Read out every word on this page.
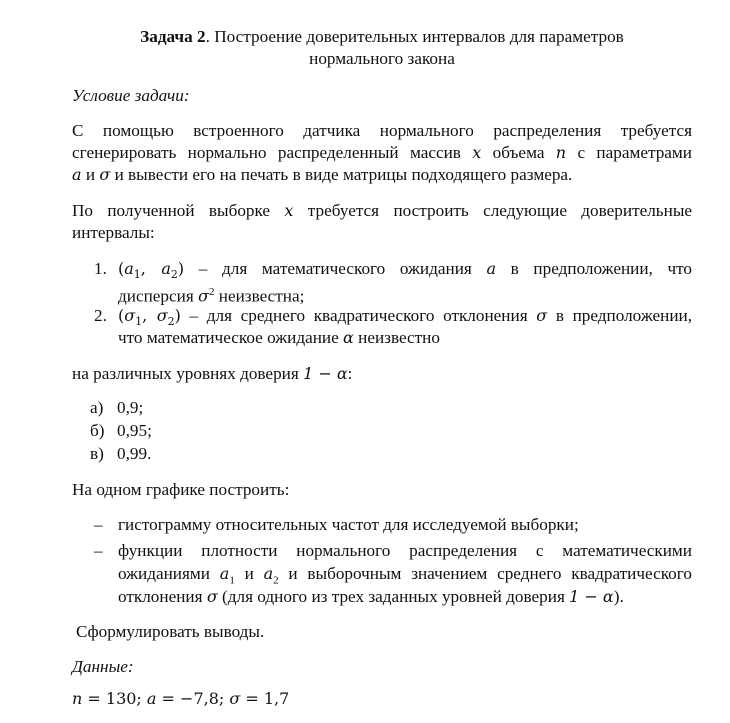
Задача 2. Построение доверительных интервалов для параметров
нормального закона
Условие задачи:
С помощью встроенного датчика нормального распределения требуется
сгенерировать нормально распределенный массив x объема n с параметрами
a и σ и вывести его на печать в виде матрицы подходящего размера.
По полученной выборке x требуется построить следующие доверительные
интервалы:
1. ($a_1$, $a_2$) – для математического ожидания a в предположении, что
дисперсия $\sigma^2$ неизвестна;
2. ($\sigma_1$, $\sigma_2$) – для среднего квадратического отклонения σ в предположении,
что математическое ожидание α неизвестно
на различных уровнях доверия 1 − α:
а) 0,9;
б) 0,95;
в) 0,99.
На одном графике построить:
– гистограмму относительных частот для исследуемой выборки;
– функции плотности нормального распределения с математическими
ожиданиями $a_1$ и $a_2$ и выборочным значением среднего квадратического
отклонения σ (для одного из трех заданных уровней доверия 1 − α).
Сформулировать выводы.
Данные:
n = 130; a = −7,8; σ = 1,7
